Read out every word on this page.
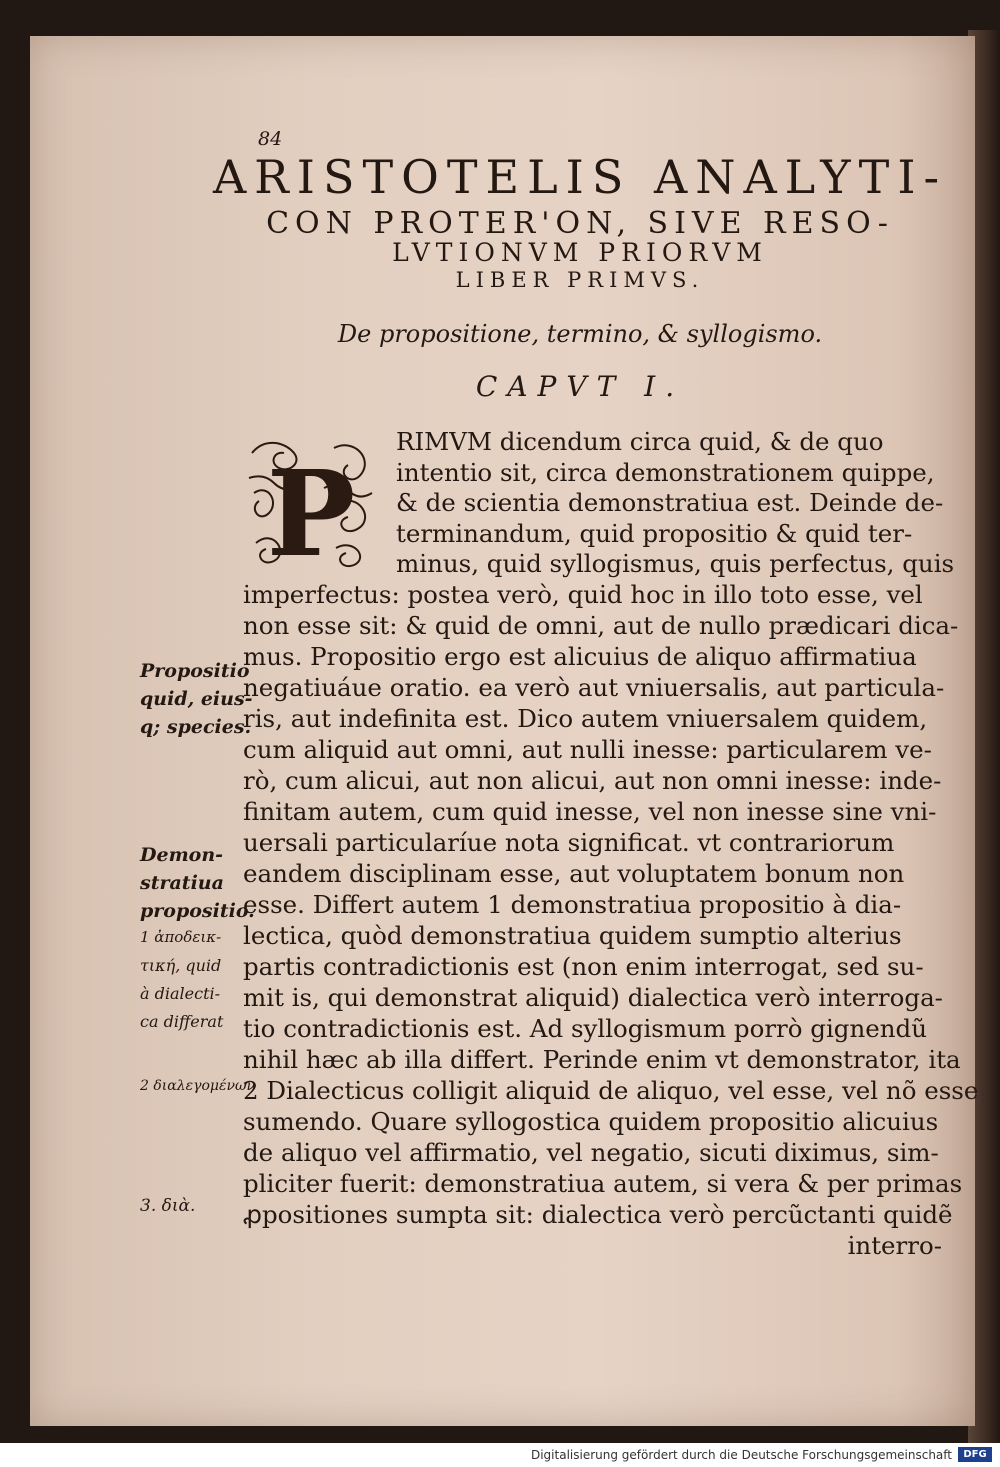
84
ARISTOTELIS ANALYTI-
CON PROTER'ON, SIVE RESO-
LVTIONVM PRIORVM
LIBER PRIMVS.
De propositione, termino, & syllogismo.
CAPVT I.
P
RIMVM dicendum circa quid, & de quo
intentio sit, circa demonstrationem quippe,
& de scientia demonstratiua est. Deinde de-
terminandum, quid propositio & quid ter-
minus, quid syllogismus, quis perfectus, quis
imperfectus: postea verò, quid hoc in illo toto esse, vel
non esse sit: & quid de omni, aut de nullo prædicari dica-
mus. Propositio ergo est alicuius de aliquo affirmatiua
negatiuáue oratio. ea verò aut vniuersalis, aut particula-
ris, aut indefinita est. Dico autem vniuersalem quidem,
cum aliquid aut omni, aut nulli inesse: particularem ve-
rò, cum alicui, aut non alicui, aut non omni inesse: inde-
finitam autem, cum quid inesse, vel non inesse sine vni-
uersali particularíue nota significat. vt contrariorum
eandem disciplinam esse, aut voluptatem bonum non
esse. Differt autem 1 demonstratiua propositio à dia-
lectica, quòd demonstratiua quidem sumptio alterius
partis contradictionis est (non enim interrogat, sed su-
mit is, qui demonstrat aliquid) dialectica verò interroga-
tio contradictionis est. Ad syllogismum porrò gignendũ
nihil hæc ab illa differt. Perinde enim vt demonstrator, ita
2 Dialecticus colligit aliquid de aliquo, vel esse, vel nõ esse
sumendo. Quare syllogostica quidem propositio alicuius
de aliquo vel affirmatio, vel negatio, sicuti diximus, sim-
pliciter fuerit: demonstratiua autem, si vera & per primas
ꝓpositiones sumpta sit: dialectica verò percũctanti quidẽ
interro-
Propositio
quid, eius-
q; species.
Demon-
stratiua
propositio.
1 ἀποδεικ-
τική, quid
à dialecti-
ca differat
2 διαλεγομένων
3. διὰ.
Digitalisierung gefördert durch die Deutsche Forschungsgemeinschaft	DFG
